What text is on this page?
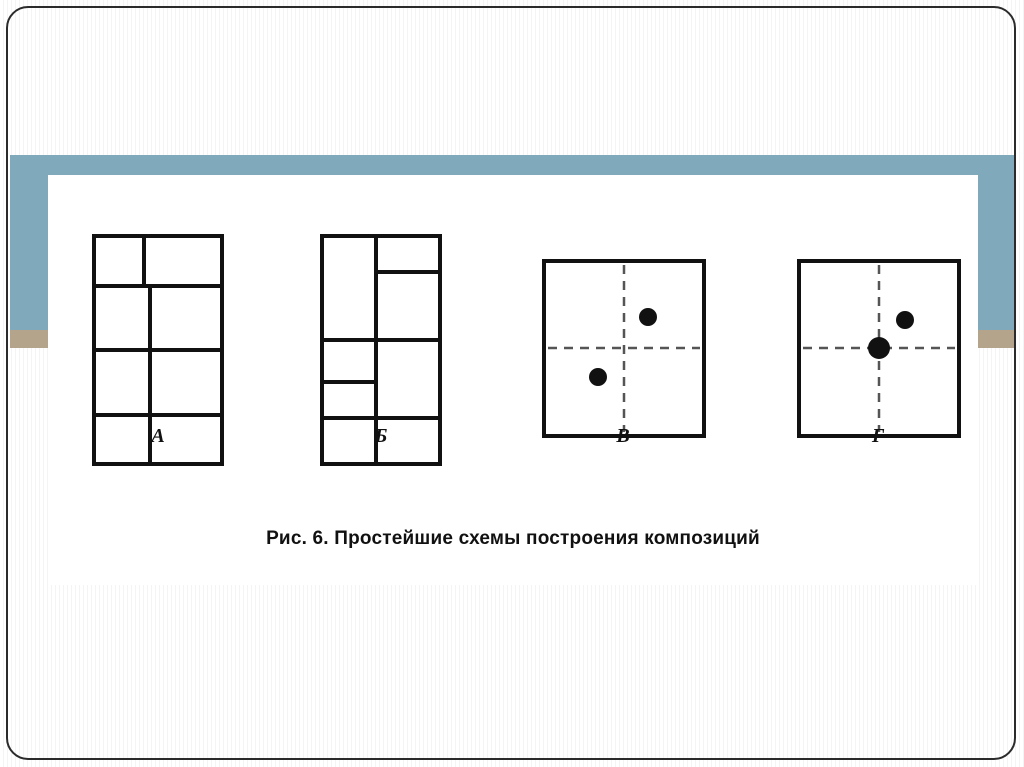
А	Б	В	Г
Рис. 6. Простейшие схемы построения композиций
